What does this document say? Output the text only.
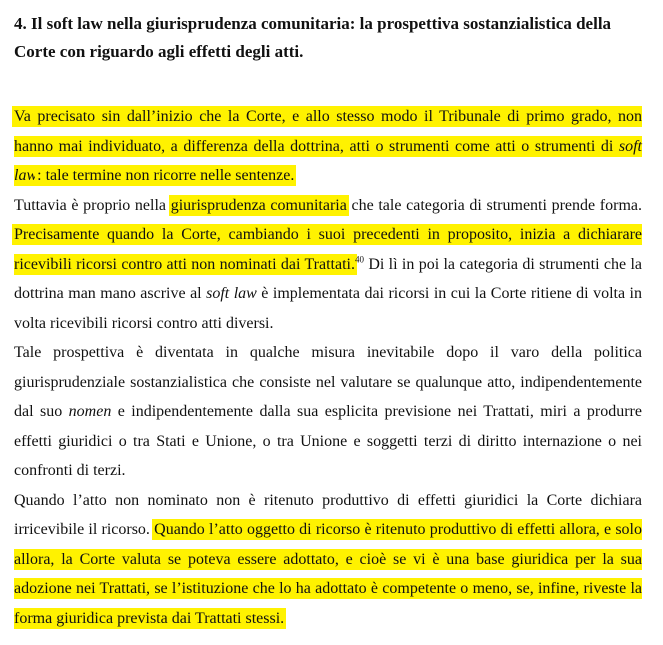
4. Il soft law nella giurisprudenza comunitaria: la prospettiva sostanzialistica della Corte con riguardo agli effetti degli atti.

Va precisato sin dall’inizio che la Corte, e allo stesso modo il Tribunale di primo grado, non hanno mai individuato, a differenza della dottrina, atti o strumenti come atti o strumenti di soft law: tale termine non ricorre nelle sentenze.

Tuttavia è proprio nella giurisprudenza comunitaria che tale categoria di strumenti prende forma. Precisamente quando la Corte, cambiando i suoi precedenti in proposito, inizia a dichiarare ricevibili ricorsi contro atti non nominati dai Trattati.$^{40}$ Di lì in poi la categoria di strumenti che la dottrina man mano ascrive al soft law è implementata dai ricorsi in cui la Corte ritiene di volta in volta ricevibili ricorsi contro atti diversi.

Tale prospettiva è diventata in qualche misura inevitabile dopo il varo della politica giurisprudenziale sostanzialistica che consiste nel valutare se qualunque atto, indipendentemente dal suo nomen e indipendentemente dalla sua esplicita previsione nei Trattati, miri a produrre effetti giuridici o tra Stati e Unione, o tra Unione e soggetti terzi di diritto internazione o nei confronti di terzi.

Quando l’atto non nominato non è ritenuto produttivo di effetti giuridici la Corte dichiara irricevibile il ricorso. Quando l’atto oggetto di ricorso è ritenuto produttivo di effetti allora, e solo allora, la Corte valuta se poteva essere adottato, e cioè se vi è una base giuridica per la sua adozione nei Trattati, se l’istituzione che lo ha adottato è competente o meno, se, infine, riveste la forma giuridica prevista dai Trattati stessi.
